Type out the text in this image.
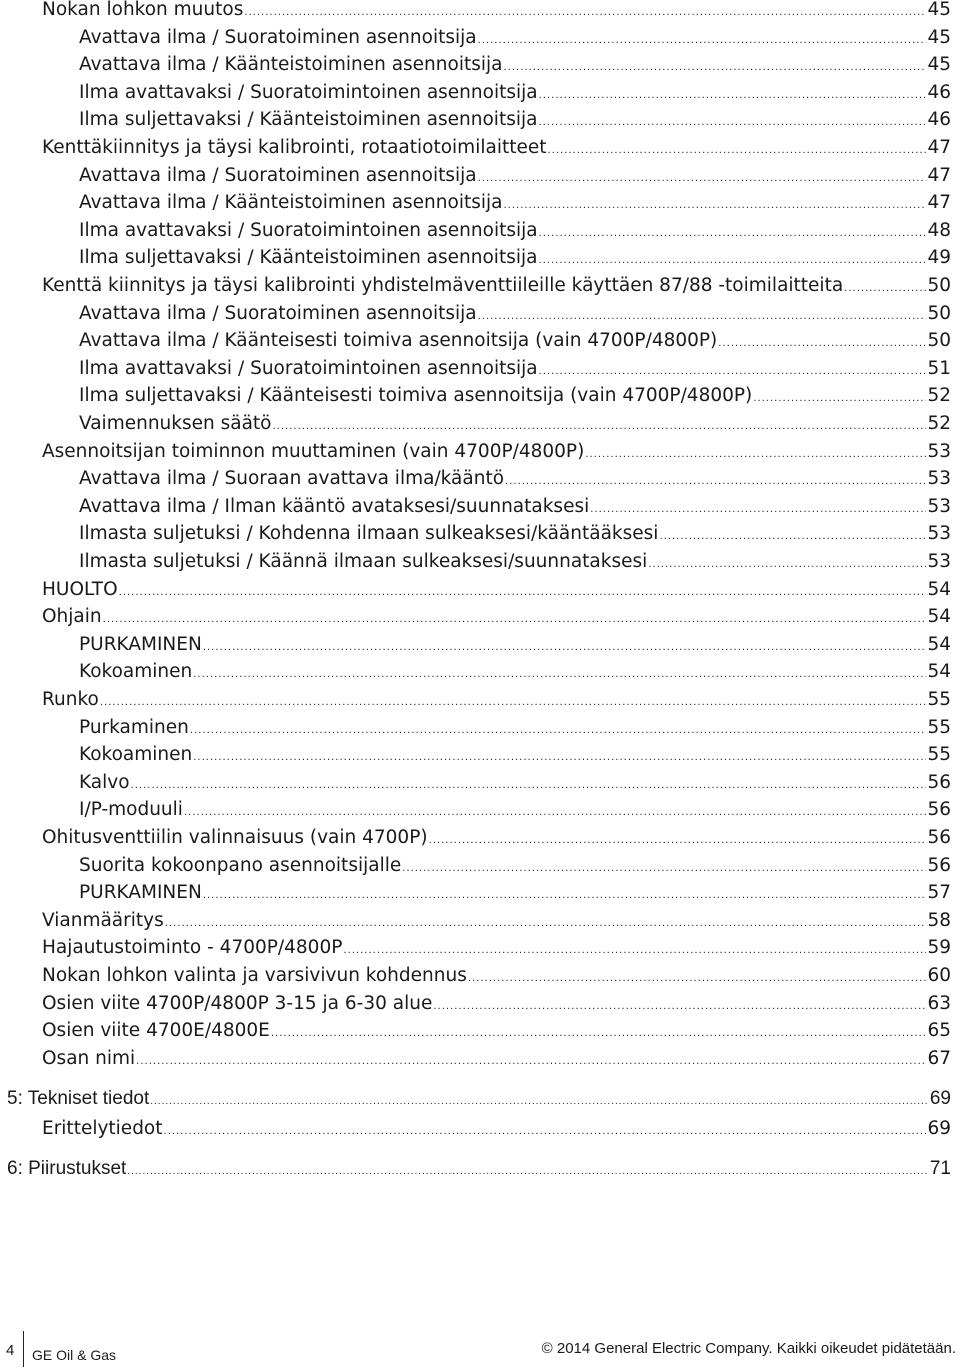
Nokan lohkon muutos .....	45
Avattava ilma / Suoratoiminen asennoitsija .....	45
Avattava ilma / Käänteistoiminen asennoitsija .....	45
Ilma avattavaksi / Suoratoimintoinen asennoitsija .....	46
Ilma suljettavaksi / Käänteistoiminen asennoitsija .....	46
Kenttäkiinnitys ja täysi kalibrointi, rotaatiotoimilaitteet .....	47
Avattava ilma / Suoratoiminen asennoitsija .....	47
Avattava ilma / Käänteistoiminen asennoitsija .....	47
Ilma avattavaksi / Suoratoimintoinen asennoitsija .....	48
Ilma suljettavaksi / Käänteistoiminen asennoitsija .....	49
Kenttä kiinnitys ja täysi kalibrointi yhdistelmäventtiileille käyttäen 87/88 -toimilaitteita .....	50
Avattava ilma / Suoratoiminen asennoitsija .....	50
Avattava ilma / Käänteisesti toimiva asennoitsija (vain 4700P/4800P) .....	50
Ilma avattavaksi / Suoratoimintoinen asennoitsija .....	51
Ilma suljettavaksi / Käänteisesti toimiva asennoitsija (vain 4700P/4800P) .....	52
Vaimennuksen säätö .....	52
Asennoitsijan toiminnon muuttaminen (vain 4700P/4800P) .....	53
Avattava ilma / Suoraan avattava ilma/kääntö .....	53
Avattava ilma / Ilman kääntö avataksesi/suunnataksesi .....	53
Ilmasta suljetuksi / Kohdenna ilmaan sulkeaksesi/kääntääksesi .....	53
Ilmasta suljetuksi / Käännä ilmaan sulkeaksesi/suunnataksesi .....	53
HUOLTO .....	54
Ohjain .....	54
PURKAMINEN .....	54
Kokoaminen .....	54
Runko .....	55
Purkaminen .....	55
Kokoaminen .....	55
Kalvo .....	56
I/P-moduuli .....	56
Ohitusventtiilin valinnaisuus (vain 4700P) .....	56
Suorita kokoonpano asennoitsijalle .....	56
PURKAMINEN .....	57
Vianmääritys .....	58
Hajautustoiminto - 4700P/4800P .....	59
Nokan lohkon valinta ja varsivivun kohdennus .....	60
Osien viite 4700P/4800P 3-15 ja 6-30 alue .....	63
Osien viite 4700E/4800E .....	65
Osan nimi .....	67
5: Tekniset tiedot .....	69
Erittelytiedot .....	69
6: Piirustukset .....	71
4 GE Oil & Gas	© 2014 General Electric Company. Kaikki oikeudet pidätetään.
